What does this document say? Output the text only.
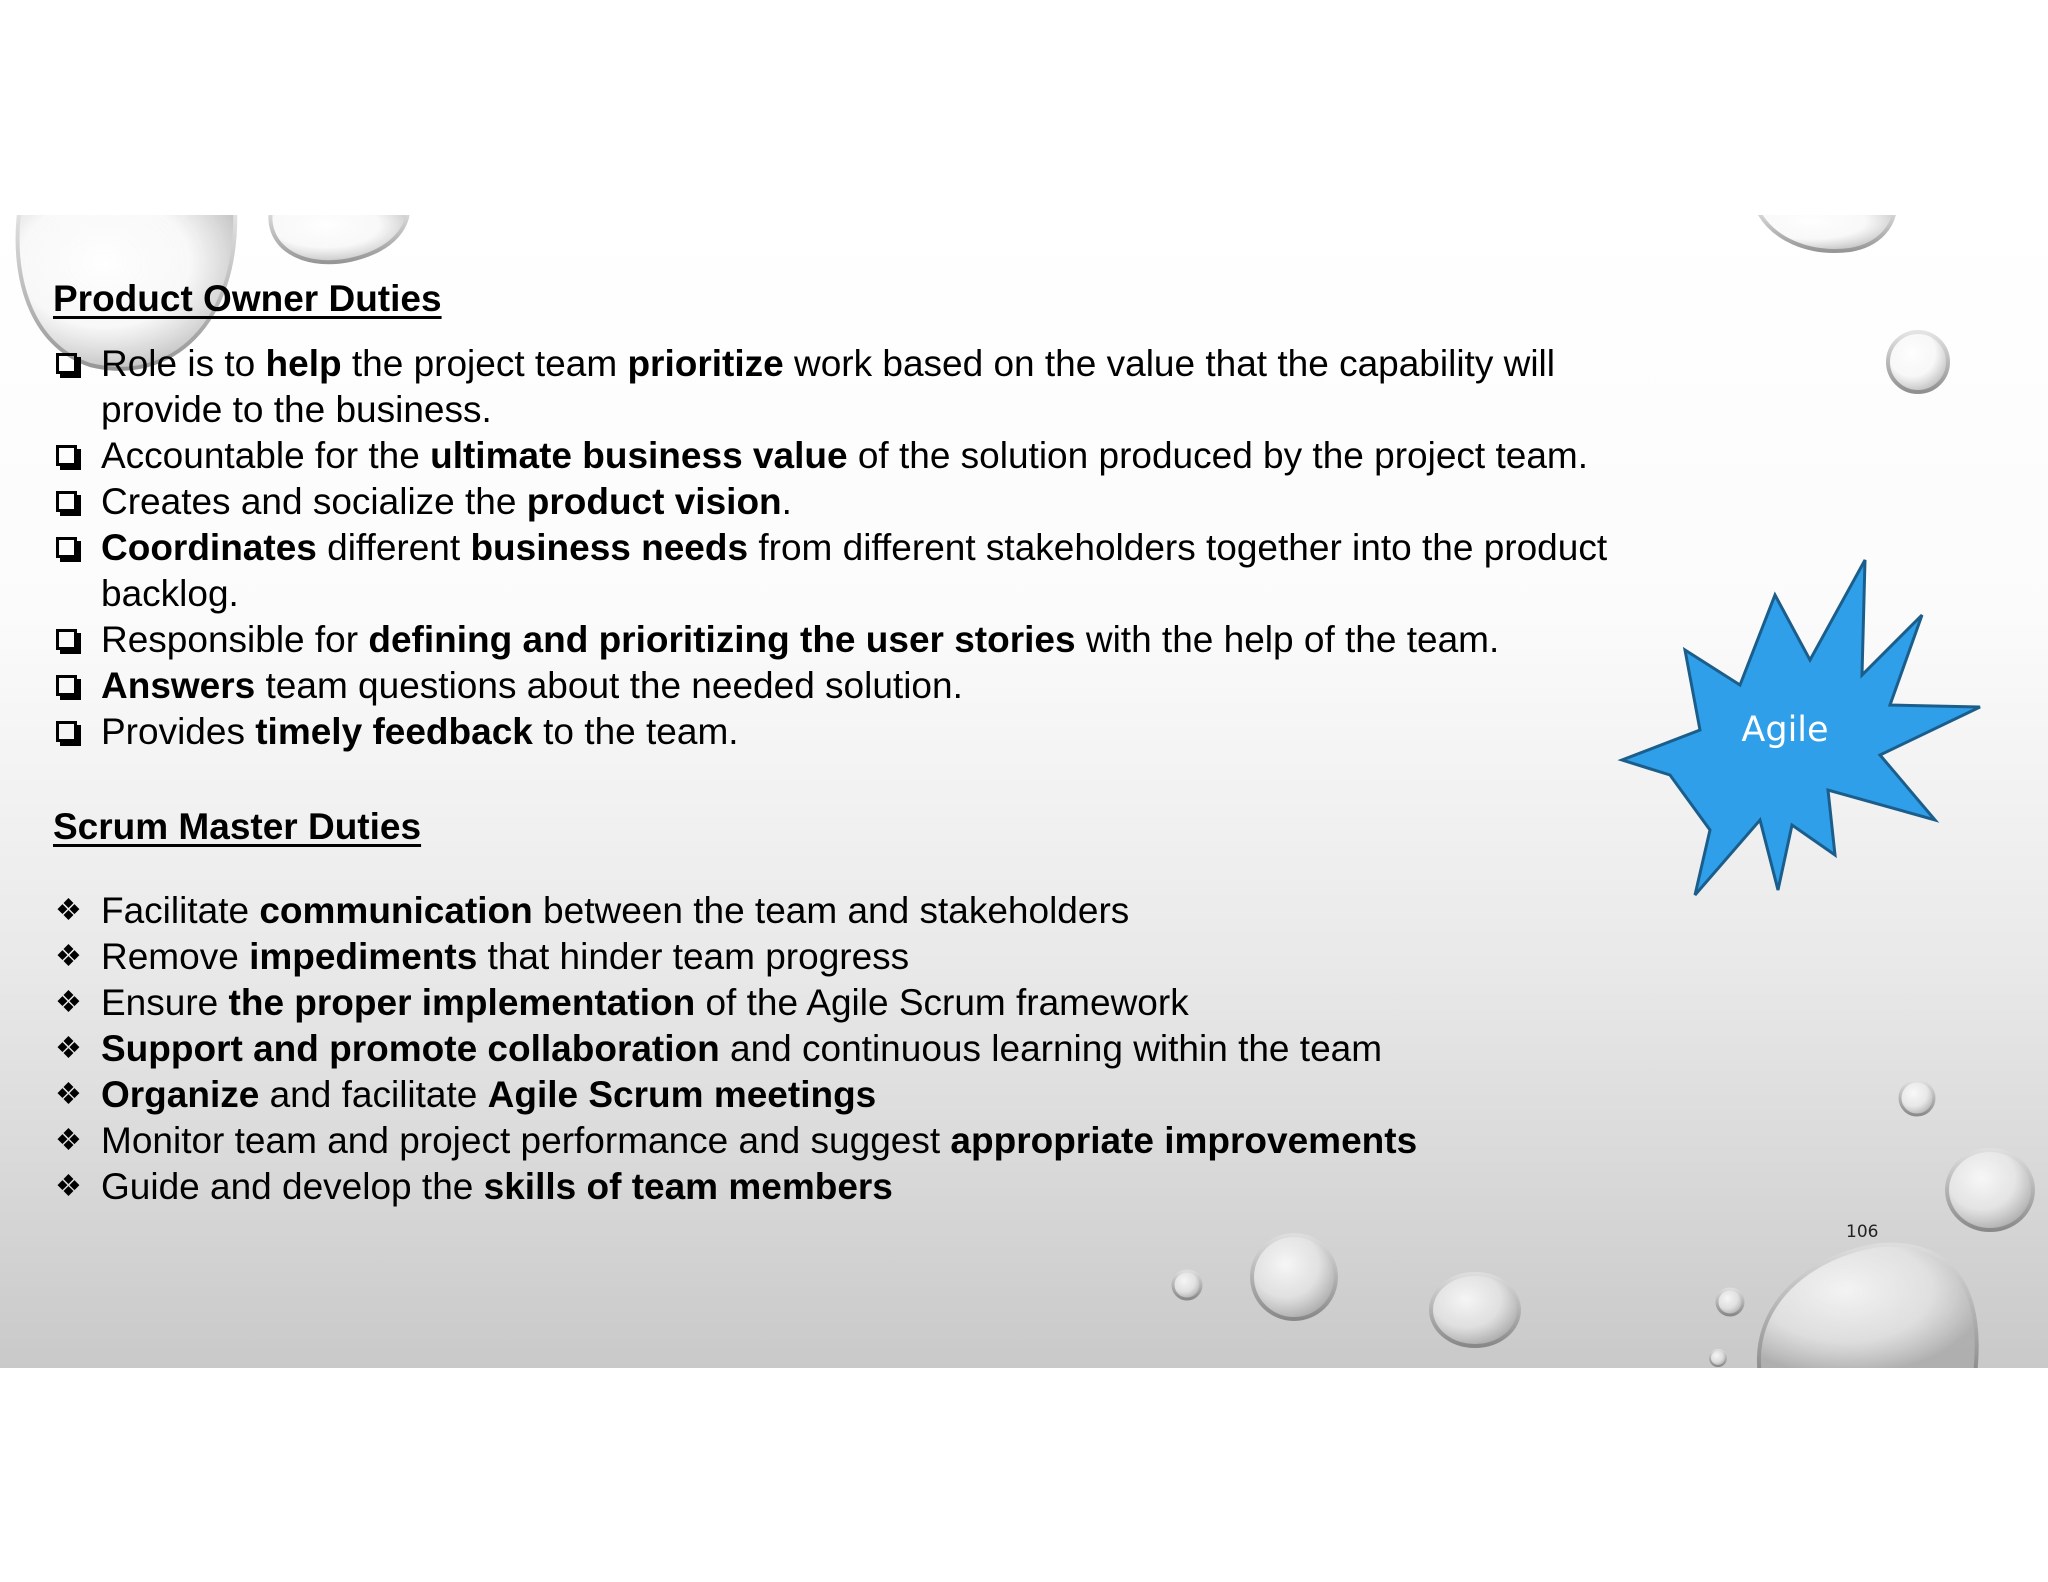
Product Owner Duties
Role is to help the project team prioritize work based on the value that the capability will provide to the business.
Accountable for the ultimate business value of the solution produced by the project team.
Creates and socialize the product vision.
Coordinates different business needs from different stakeholders together into the product backlog.
Responsible for defining and prioritizing the user stories with the help of the team.
Answers team questions about the needed solution.
Provides timely feedback to the team.
Scrum Master Duties
❖ Facilitate communication between the team and stakeholders
❖ Remove impediments that hinder team progress
❖ Ensure the proper implementation of the Agile Scrum framework
❖ Support and promote collaboration and continuous learning within the team
❖ Organize and facilitate Agile Scrum meetings
❖ Monitor team and project performance and suggest appropriate improvements
❖ Guide and develop the skills of team members
Agile
106
